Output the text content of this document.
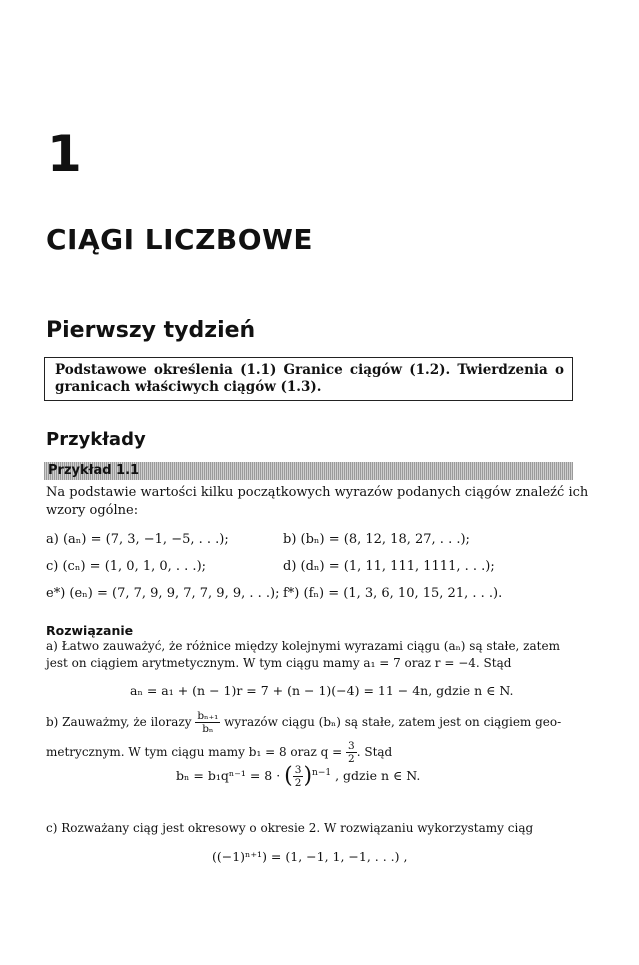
1
CIĄGI LICZBOWE
Pierwszy tydzień
Podstawowe określenia (1.1) Granice ciągów (1.2). Twierdzenia o granicach właściwych ciągów (1.3).
Przykłady
Przykład 1.1
Na podstawie wartości kilku początkowych wyrazów podanych ciągów znaleźć ich
wzory ogólne:
a) (aₙ) = (7, 3, −1, −5, . . .);	b) (bₙ) = (8, 12, 18, 27, . . .);
c) (cₙ) = (1, 0, 1, 0, . . .);	d) (dₙ) = (1, 11, 111, 1111, . . .);
e*) (eₙ) = (7, 7, 9, 9, 7, 7, 9, 9, . . .); f*) (fₙ) = (1, 3, 6, 10, 15, 21, . . .).
Rozwiązanie
a) Łatwo zauważyć, że różnice między kolejnymi wyrazami ciągu (aₙ) są stałe, zatem
jest on ciągiem arytmetycznym. W tym ciągu mamy a₁ = 7 oraz r = −4. Stąd
aₙ = a₁ + (n − 1)r = 7 + (n − 1)(−4) = 11 − 4n, gdzie n ∈ N.
b) Zauważmy, że ilorazy $\frac{\text{bₙ₊₁}}{\text{bₙ}}$ wyrazów ciągu (bₙ) są stałe, zatem jest on ciągiem geo-
metrycznym. W tym ciągu mamy b₁ = 8 oraz $q = \frac{3}{2}$ . Stąd
bₙ = b₁qⁿ⁻¹ = 8 · ( $\frac{3}{2} )^{n-1}$ , gdzie n ∈ N.
c) Rozważany ciąg jest okresowy o okresie 2. W rozwiązaniu wykorzystamy ciąg
((−1)ⁿ⁺¹) = (1, −1, 1, −1, . . .) ,
